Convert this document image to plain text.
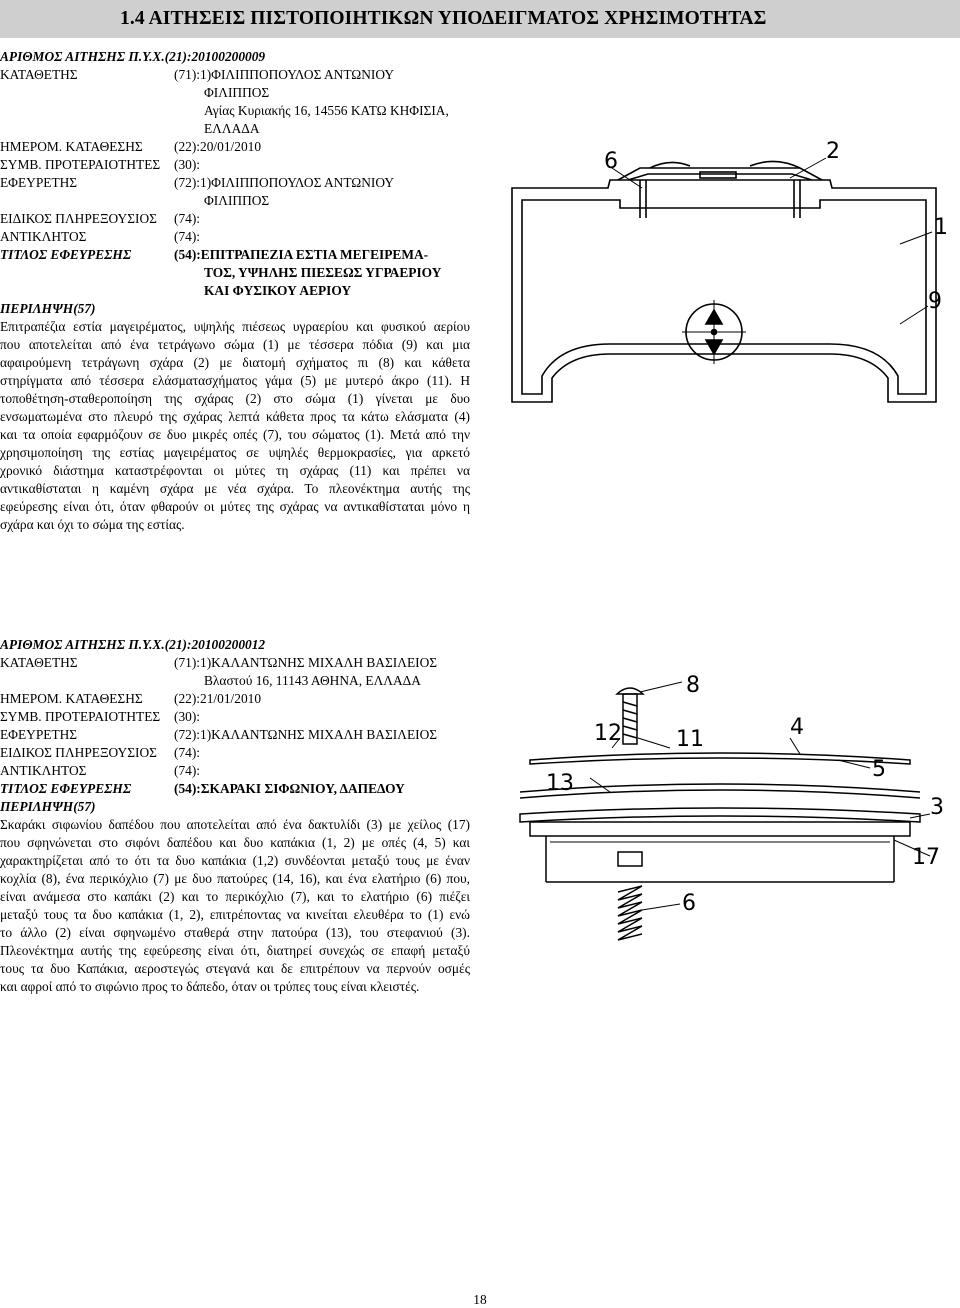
1.4 ΑΙΤΗΣΕΙΣ ΠΙΣΤΟΠΟΙΗΤΙΚΩΝ ΥΠΟΔΕΙΓΜΑΤΟΣ ΧΡΗΣΙΜΟΤΗΤΑΣ
ΑΡΙΘΜΟΣ ΑΙΤΗΣΗΣ Π.Υ.Χ.(21):20100200009
ΚΑΤΑΘΕΤΗΣ	(71):1)ΦΙΛΙΠΠΟΠΟΥΛΟΣ ΑΝΤΩΝΙΟΥ
ΦΙΛΙΠΠΟΣ
Αγίας Κυριακής 16, 14556 ΚΑΤΩ ΚΗΦΙΣΙΑ,
ΕΛΛΑΔΑ
ΗΜΕΡΟΜ. ΚΑΤΑΘΕΣΗΣ (22):20/01/2010
ΣΥΜΒ. ΠΡΟΤΕΡΑΙΟΤΗΤΕΣ (30):
ΕΦΕΥΡΕΤΗΣ	(72):1)ΦΙΛΙΠΠΟΠΟΥΛΟΣ ΑΝΤΩΝΙΟΥ
ΦΙΛΙΠΠΟΣ
ΕΙΔΙΚΟΣ ΠΛΗΡΕΞΟΥΣΙΟΣ (74):
ΑΝΤΙΚΛΗΤΟΣ	(74):
ΤΙΤΛΟΣ ΕΦΕΥΡΕΣΗΣ	(54):ΕΠΙΤΡΑΠΕΖΙΑ ΕΣΤΙΑ ΜΕΓΕΙΡΕΜΑ-
ΤΟΣ, ΥΨΗΛΗΣ ΠΙΕΣΕΩΣ ΥΓΡΑΕΡΙΟΥ
ΚΑΙ ΦΥΣΙΚΟΥ ΑΕΡΙΟΥ
ΠΕΡΙΛΗΨΗ(57)
Επιτραπέζια εστία μαγειρέματος, υψηλής πιέσεως υγραερίου και φυσικού αερίου
που αποτελείται από ένα τετράγωνο σώμα (1) με τέσσερα πόδια (9) και μια
αφαιρούμενη τετράγωνη σχάρα (2) με διατομή σχήματος πι (8) και κάθετα
στηρίγματα από τέσσερα ελάσματασχήματος γάμα (5) με μυτερό άκρο (11). Η
τοποθέτηση-σταθεροποίηση της σχάρας (2) στο σώμα (1) γίνεται με δυο
ενσωματωμένα στο πλευρό της σχάρας λεπτά κάθετα προς τα κάτω ελάσματα (4)
και τα οποία εφαρμόζουν σε δυο μικρές οπές (7), του σώματος (1). Μετά από την
χρησιμοποίηση της εστίας μαγειρέματος σε υψηλές θερμοκρασίες, για αρκετό
χρονικό διάστημα καταστρέφονται οι μύτες τη σχάρας (11) και πρέπει να
αντικαθίσταται η καμένη σχάρα με νέα σχάρα. Το πλεονέκτημα αυτής της
εφεύρεσης είναι ότι, όταν φθαρούν οι μύτες της σχάρας να αντικαθίσταται μόνο η
σχάρα και όχι το σώμα της εστίας.
6	2
1
9
ΑΡΙΘΜΟΣ ΑΙΤΗΣΗΣ Π.Υ.Χ.(21):20100200012
ΚΑΤΑΘΕΤΗΣ	(71):1)ΚΑΛΑΝΤΩΝΗΣ ΜΙΧΑΛΗ ΒΑΣΙΛΕΙΟΣ
Βλαστού 16, 11143 ΑΘΗΝΑ, ΕΛΛΑΔΑ
ΗΜΕΡΟΜ. ΚΑΤΑΘΕΣΗΣ (22):21/01/2010
ΣΥΜΒ. ΠΡΟΤΕΡΑΙΟΤΗΤΕΣ (30):
ΕΦΕΥΡΕΤΗΣ	(72):1)ΚΑΛΑΝΤΩΝΗΣ ΜΙΧΑΛΗ ΒΑΣΙΛΕΙΟΣ
ΕΙΔΙΚΟΣ ΠΛΗΡΕΞΟΥΣΙΟΣ (74):
ΑΝΤΙΚΛΗΤΟΣ	(74):
ΤΙΤΛΟΣ ΕΦΕΥΡΕΣΗΣ	(54):ΣΚΑΡΑΚΙ ΣΙΦΩΝΙΟΥ, ΔΑΠΕΔΟΥ
ΠΕΡΙΛΗΨΗ(57)
Σκαράκι σιφωνίου δαπέδου που αποτελείται από ένα δακτυλίδι (3) με χείλος (17)
που σφηνώνεται στο σιφόνι δαπέδου και δυο καπάκια (1, 2) με οπές (4, 5) και
χαρακτηρίζεται από το ότι τα δυο καπάκια (1,2) συνδέονται μεταξύ τους με έναν
κοχλία (8), ένα περικόχλιο (7) με δυο πατούρες (14, 16), και ένα ελατήριο (6) που,
είναι ανάμεσα στο καπάκι (2) και το περικόχλιο (7), και το ελατήριο (6) πιέζει
μεταξύ τους τα δυο καπάκια (1, 2), επιτρέποντας να κινείται ελευθέρα το (1) ενώ
το άλλο (2) είναι σφηνωμένο σταθερά στην πατούρα (13), του στεφανιού (3).
Πλεονέκτημα αυτής της εφεύρεσης είναι ότι, διατηρεί συνεχώς σε επαφή μεταξύ
τους τα δυο Καπάκια, αεροστεγώς στεγανά και δε επιτρέπουν να περνούν οσμές
και αφροί από το σιφώνιο προς το δάπεδο, όταν οι τρύπες τους είναι κλειστές.
8
12 11	4
13
5
3
17
6
18
